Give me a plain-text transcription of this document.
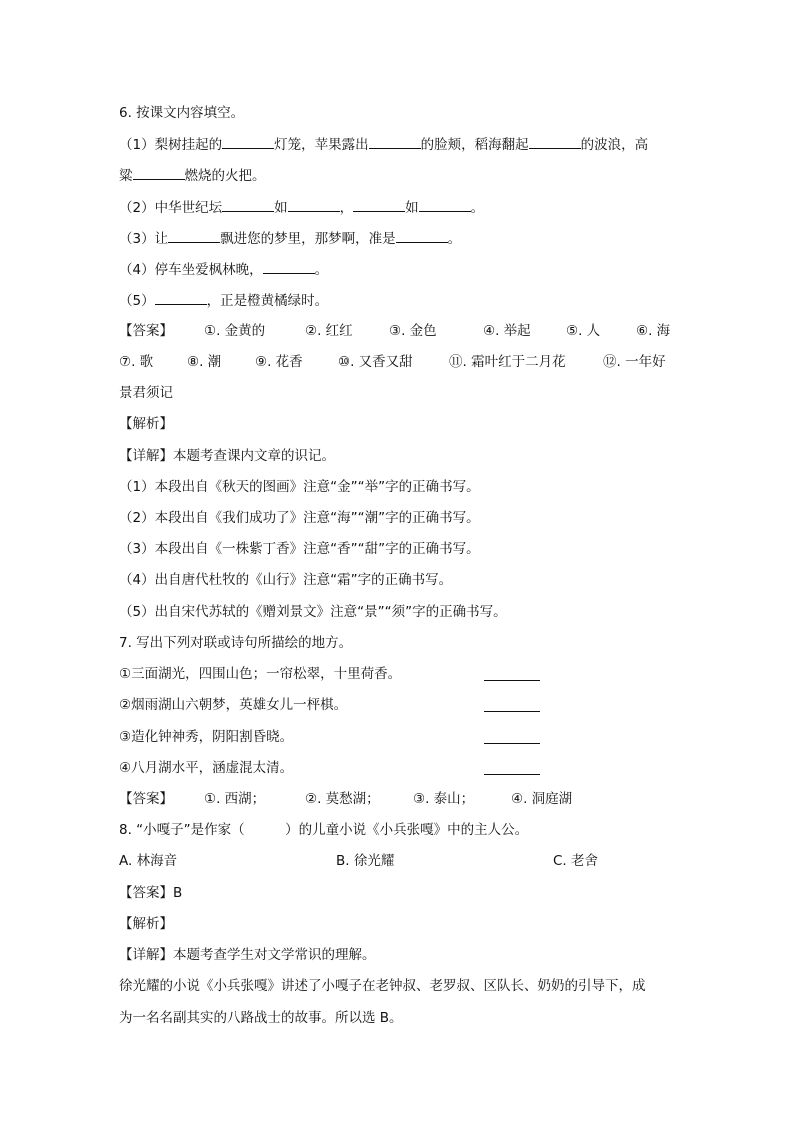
6. 按课文内容填空。
（1）梨树挂起的	灯笼，苹果露出	的脸颊，稻海翻起	的波浪，高
粱	燃烧的火把。
（2）中华世纪坛	如	，	如	。
（3）让	飘进您的梦里，那梦啊，准是	。
（4）停车坐爱枫林晚，	。
（5）	，正是橙黄橘绿时。
【答案】 ①. 金黄的	②. 红红	③. 金色	④. 举起	⑤. 人	⑥. 海
⑦. 歌	⑧. 潮	⑨. 花香	⑩. 又香又甜	⑪. 霜叶红于二月花	⑫. 一年好
景君须记
【解析】
【详解】本题考查课内文章的识记。
（1）本段出自《秋天的图画》注意“金”“举”字的正确书写。
（2）本段出自《我们成功了》注意“海”“潮”字的正确书写。
（3）本段出自《一株紫丁香》注意“香”“甜”字的正确书写。
（4）出自唐代杜牧的《山行》注意“霜”字的正确书写。
（5）出自宋代苏轼的《赠刘景文》注意“景”“须”字的正确书写。
7. 写出下列对联或诗句所描绘的地方。
①三面湖光，四围山色；一帘松翠，十里荷香。
②烟雨湖山六朝梦，英雄女儿一枰棋。
③造化钟神秀，阴阳割昏晓。
④八月湖水平，涵虚混太清。
【答案】 ①. 西湖；	②. 莫愁湖； ③. 泰山；	④. 洞庭湖
8. “小嘎子”是作家（　　　）的儿童小说《小兵张嘎》中的主人公。
A. 林海音	B. 徐光耀	C. 老舍
【答案】B
【解析】
【详解】本题考查学生对文学常识的理解。
徐光耀的小说《小兵张嘎》讲述了小嘎子在老钟叔、老罗叔、区队长、奶奶的引导下，成
为一名名副其实的八路战士的故事。所以选 B。
